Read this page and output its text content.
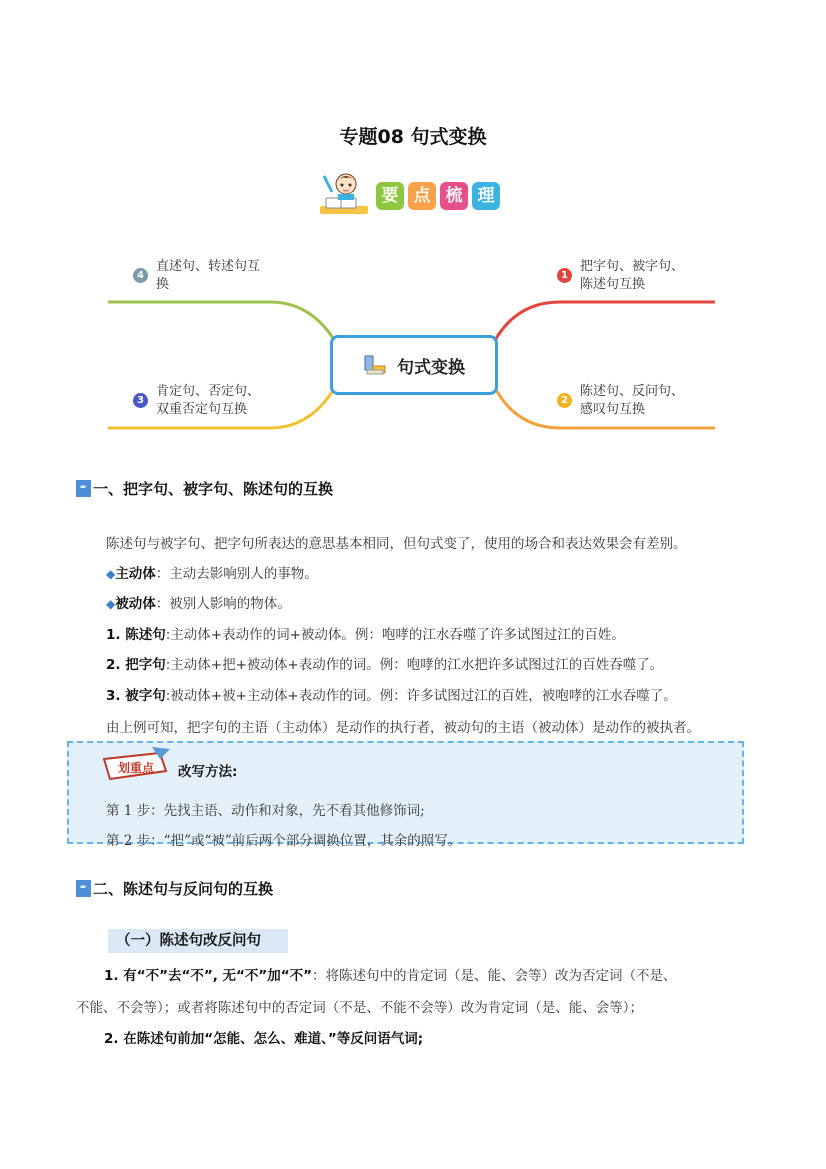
专题08 句式变换
要 点 梳 理
4
直述句、转述句互
换
1
把字句、被字句、
陈述句互换
3
肯定句、否定句、
双重否定句互换
2
陈述句、反问句、
感叹句互换
句式变换
✒ 一、把字句、被字句、陈述句的互换
陈述句与被字句、把字句所表达的意思基本相同，但句式变了，使用的场合和表达效果会有差别。
◆主动体：主动去影响别人的事物。
◆被动体：被别人影响的物体。
1. 陈述句:主动体+表动作的词+被动体。例：咆哮的江水吞噬了许多试图过江的百姓。
2. 把字句:主动体+把+被动体+表动作的词。例：咆哮的江水把许多试图过江的百姓吞噬了。
3. 被字句:被动体+被+主动体+表动作的词。例：许多试图过江的百姓，被咆哮的江水吞噬了。
由上例可知，把字句的主语（主动体）是动作的执行者，被动句的主语（被动体）是动作的被执者。
划重点 改写方法:
第 1 步：先找主语、动作和对象，先不看其他修饰词;
第 2 步：“把”或“被”前后两个部分调换位置，其余的照写。
✒ 二、陈述句与反问句的互换
（一）陈述句改反问句
1. 有“不”去“不”, 无“不”加“不”：将陈述句中的肯定词（是、能、会等）改为否定词（不是、
不能、不会等）；或者将陈述句中的否定词（不是、不能不会等）改为肯定词（是、能、会等）；
2. 在陈述句前加“怎能、怎么、难道、”等反问语气词;
